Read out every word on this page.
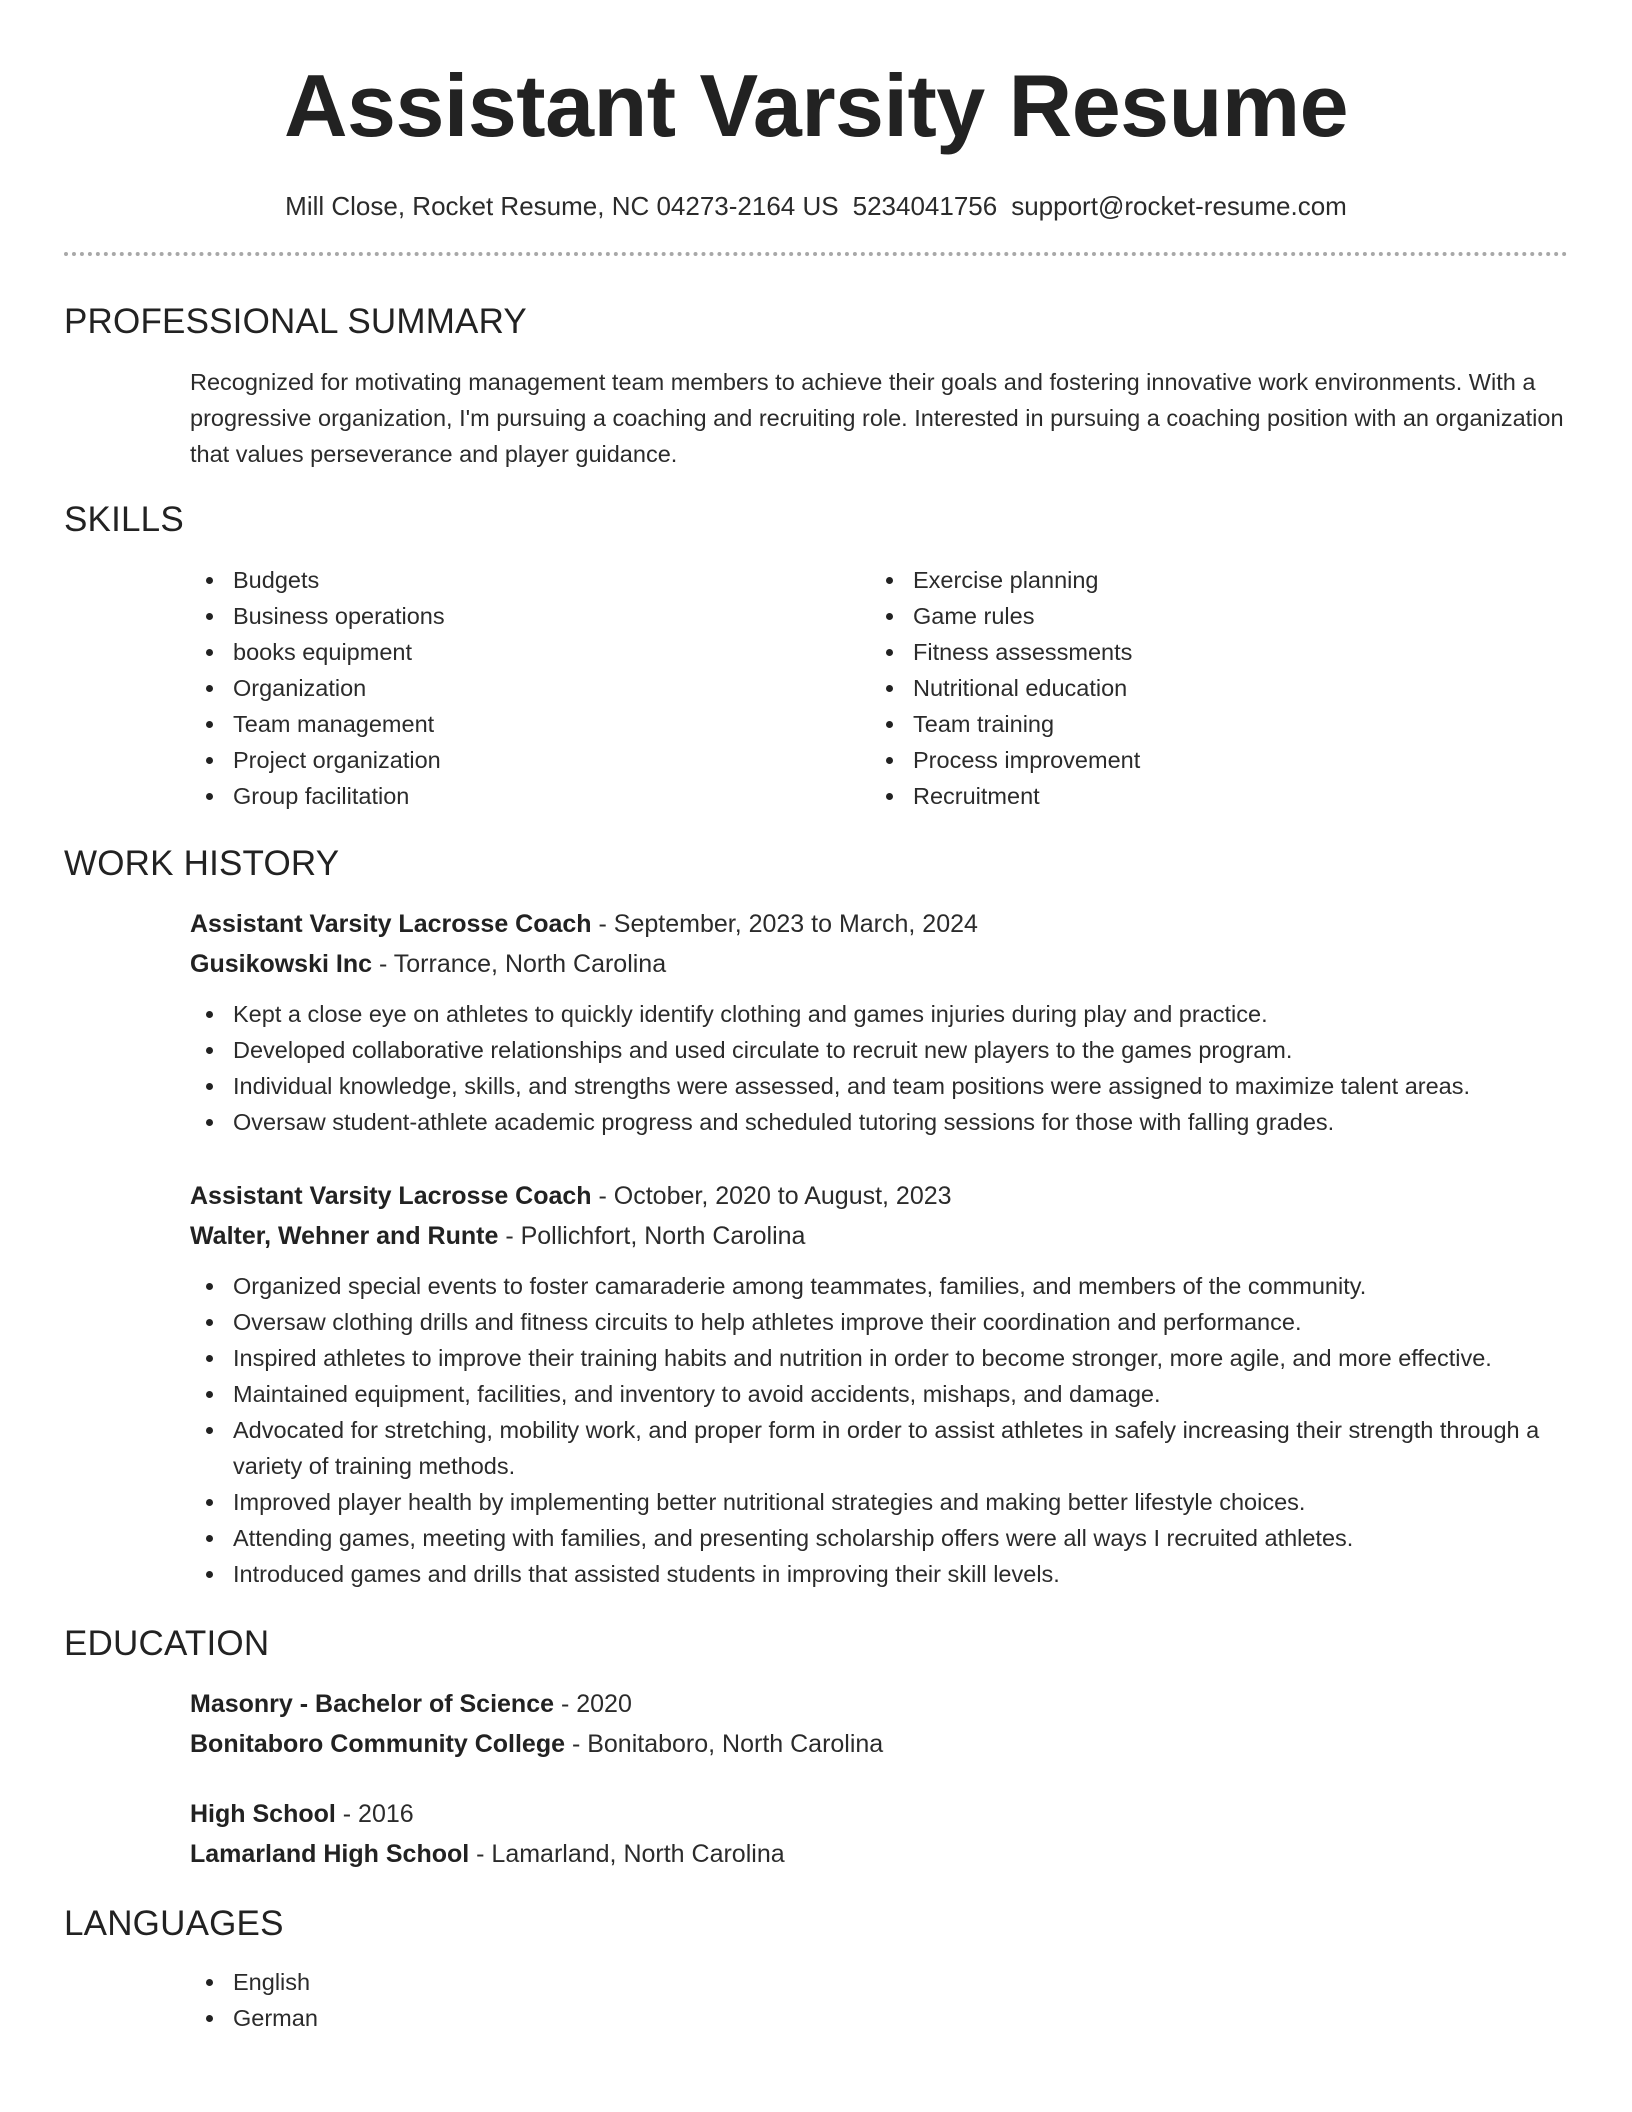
Assistant Varsity Resume
Mill Close, Rocket Resume, NC 04273-2164 US 5234041756 support@rocket-resume.com
PROFESSIONAL SUMMARY

Recognized for motivating management team members to achieve their goals and fostering innovative work environments. With a progressive organization, I'm pursuing a coaching and recruiting role. Interested in pursuing a coaching position with an organization that values perseverance and player guidance.

SKILLS
Budgets
Business operations
books equipment
Organization
Team management
Project organization
Group facilitation
Exercise planning
Game rules
Fitness assessments
Nutritional education
Team training
Process improvement
Recruitment
WORK HISTORY
Assistant Varsity Lacrosse Coach - September, 2023 to March, 2024
Gusikowski Inc - Torrance, North Carolina
Kept a close eye on athletes to quickly identify clothing and games injuries during play and practice.
Developed collaborative relationships and used circulate to recruit new players to the games program.
Individual knowledge, skills, and strengths were assessed, and team positions were assigned to maximize talent areas.
Oversaw student-athlete academic progress and scheduled tutoring sessions for those with falling grades.
Assistant Varsity Lacrosse Coach - October, 2020 to August, 2023
Walter, Wehner and Runte - Pollichfort, North Carolina
Organized special events to foster camaraderie among teammates, families, and members of the community.
Oversaw clothing drills and fitness circuits to help athletes improve their coordination and performance.
Inspired athletes to improve their training habits and nutrition in order to become stronger, more agile, and more effective.
Maintained equipment, facilities, and inventory to avoid accidents, mishaps, and damage.
Advocated for stretching, mobility work, and proper form in order to assist athletes in safely increasing their strength through a variety of training methods.
Improved player health by implementing better nutritional strategies and making better lifestyle choices.
Attending games, meeting with families, and presenting scholarship offers were all ways I recruited athletes.
Introduced games and drills that assisted students in improving their skill levels.
EDUCATION
Masonry - Bachelor of Science - 2020
Bonitaboro Community College - Bonitaboro, North Carolina
High School - 2016
Lamarland High School - Lamarland, North Carolina
LANGUAGES
English
German
